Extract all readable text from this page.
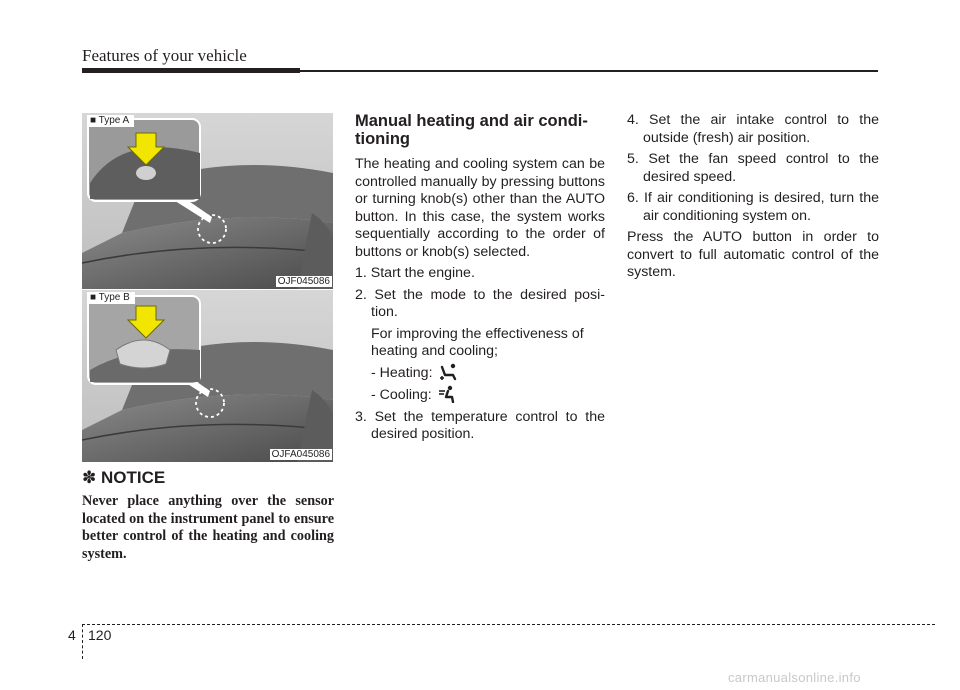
Features of your vehicle
■ Type A
OJF045086
■ Type B
OJFA045086
✽ NOTICE
Never place anything over the sensor located on the instrument panel to ensure better control of the heating and cooling system.
Manual heating and air condi- tioning
The heating and cooling system can be controlled manually by pressing buttons or turning knob(s) other than the AUTO button. In this case, the system works sequentially according to the order of buttons or knob(s) selected.
1. Start the engine.
2. Set the mode to the desired posi- tion.
For improving the effectiveness of heating and cooling;
- Heating:
- Cooling:
3. Set the temperature control to the desired position.
4. Set the air intake control to the outside (fresh) air position.
5. Set the fan speed control to the desired speed.
6. If air conditioning is desired, turn the air conditioning system on.
Press the AUTO button in order to convert to full automatic control of the system.
4 120
carmanualsonline.info
